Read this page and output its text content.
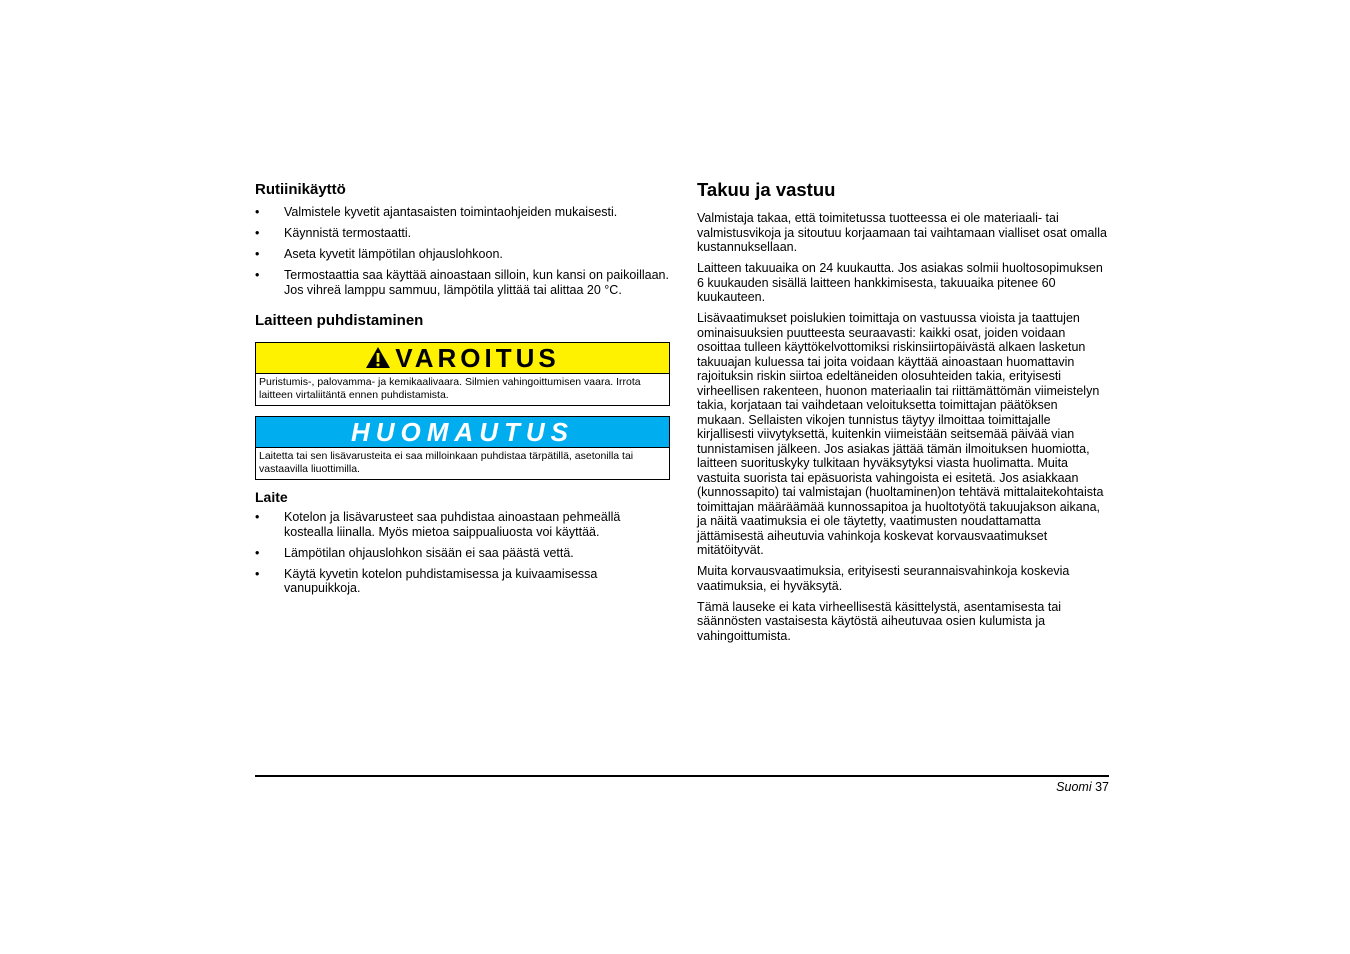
Rutiinikäyttö
• Valmistele kyvetit ajantasaisten toimintaohjeiden mukaisesti.
• Käynnistä termostaatti.
• Aseta kyvetit lämpötilan ohjauslohkoon.
• Termostaattia saa käyttää ainoastaan silloin, kun kansi on paikoillaan. Jos vihreä lamppu sammuu, lämpötila ylittää tai alittaa 20 °C.
Laitteen puhdistaminen
VAROITUS
Puristumis-, palovamma- ja kemikaalivaara. Silmien vahingoittumisen vaara. Irrota laitteen virtaliitäntä ennen puhdistamista.
HUOMAUTUS
Laitetta tai sen lisävarusteita ei saa milloinkaan puhdistaa tärpätillä, asetonilla tai vastaavilla liuottimilla.
Laite
• Kotelon ja lisävarusteet saa puhdistaa ainoastaan pehmeällä kostealla liinalla. Myös mietoa saippualiuosta voi käyttää.
• Lämpötilan ohjauslohkon sisään ei saa päästä vettä.
• Käytä kyvetin kotelon puhdistamisessa ja kuivaamisessa vanupuikkoja.
Takuu ja vastuu

Valmistaja takaa, että toimitetussa tuotteessa ei ole materiaali- tai valmistusvikoja ja sitoutuu korjaamaan tai vaihtamaan vialliset osat omalla kustannuksellaan.

Laitteen takuuaika on 24 kuukautta. Jos asiakas solmii huoltosopimuksen 6 kuukauden sisällä laitteen hankkimisesta, takuuaika pitenee 60 kuukauteen.

Lisävaatimukset poislukien toimittaja on vastuussa vioista ja taattujen ominaisuuksien puutteesta seuraavasti: kaikki osat, joiden voidaan osoittaa tulleen käyttökelvottomiksi riskinsiirtopäivästä alkaen lasketun takuuajan kuluessa tai joita voidaan käyttää ainoastaan huomattavin rajoituksin riskin siirtoa edeltäneiden olosuhteiden takia, erityisesti virheellisen rakenteen, huonon materiaalin tai riittämättömän viimeistelyn takia, korjataan tai vaihdetaan veloituksetta toimittajan päätöksen mukaan. Sellaisten vikojen tunnistus täytyy ilmoittaa toimittajalle kirjallisesti viivytyksettä, kuitenkin viimeistään seitsemää päivää vian tunnistamisen jälkeen. Jos asiakas jättää tämän ilmoituksen huomiotta, laitteen suorituskyky tulkitaan hyväksytyksi viasta huolimatta. Muita vastuita suorista tai epäsuorista vahingoista ei esitetä. Jos asiakkaan (kunnossapito) tai valmistajan (huoltaminen)on tehtävä mittalaitekohtaista toimittajan määräämää kunnossapitoa ja huoltotyötä takuujakson aikana, ja näitä vaatimuksia ei ole täytetty, vaatimusten noudattamatta jättämisestä aiheutuvia vahinkoja koskevat korvausvaatimukset mitätöityvät.

Muita korvausvaatimuksia, erityisesti seurannaisvahinkoja koskevia vaatimuksia, ei hyväksytä.

Tämä lauseke ei kata virheellisestä käsittelystä, asentamisesta tai säännösten vastaisesta käytöstä aiheutuvaa osien kulumista ja vahingoittumista.

Suomi 37
